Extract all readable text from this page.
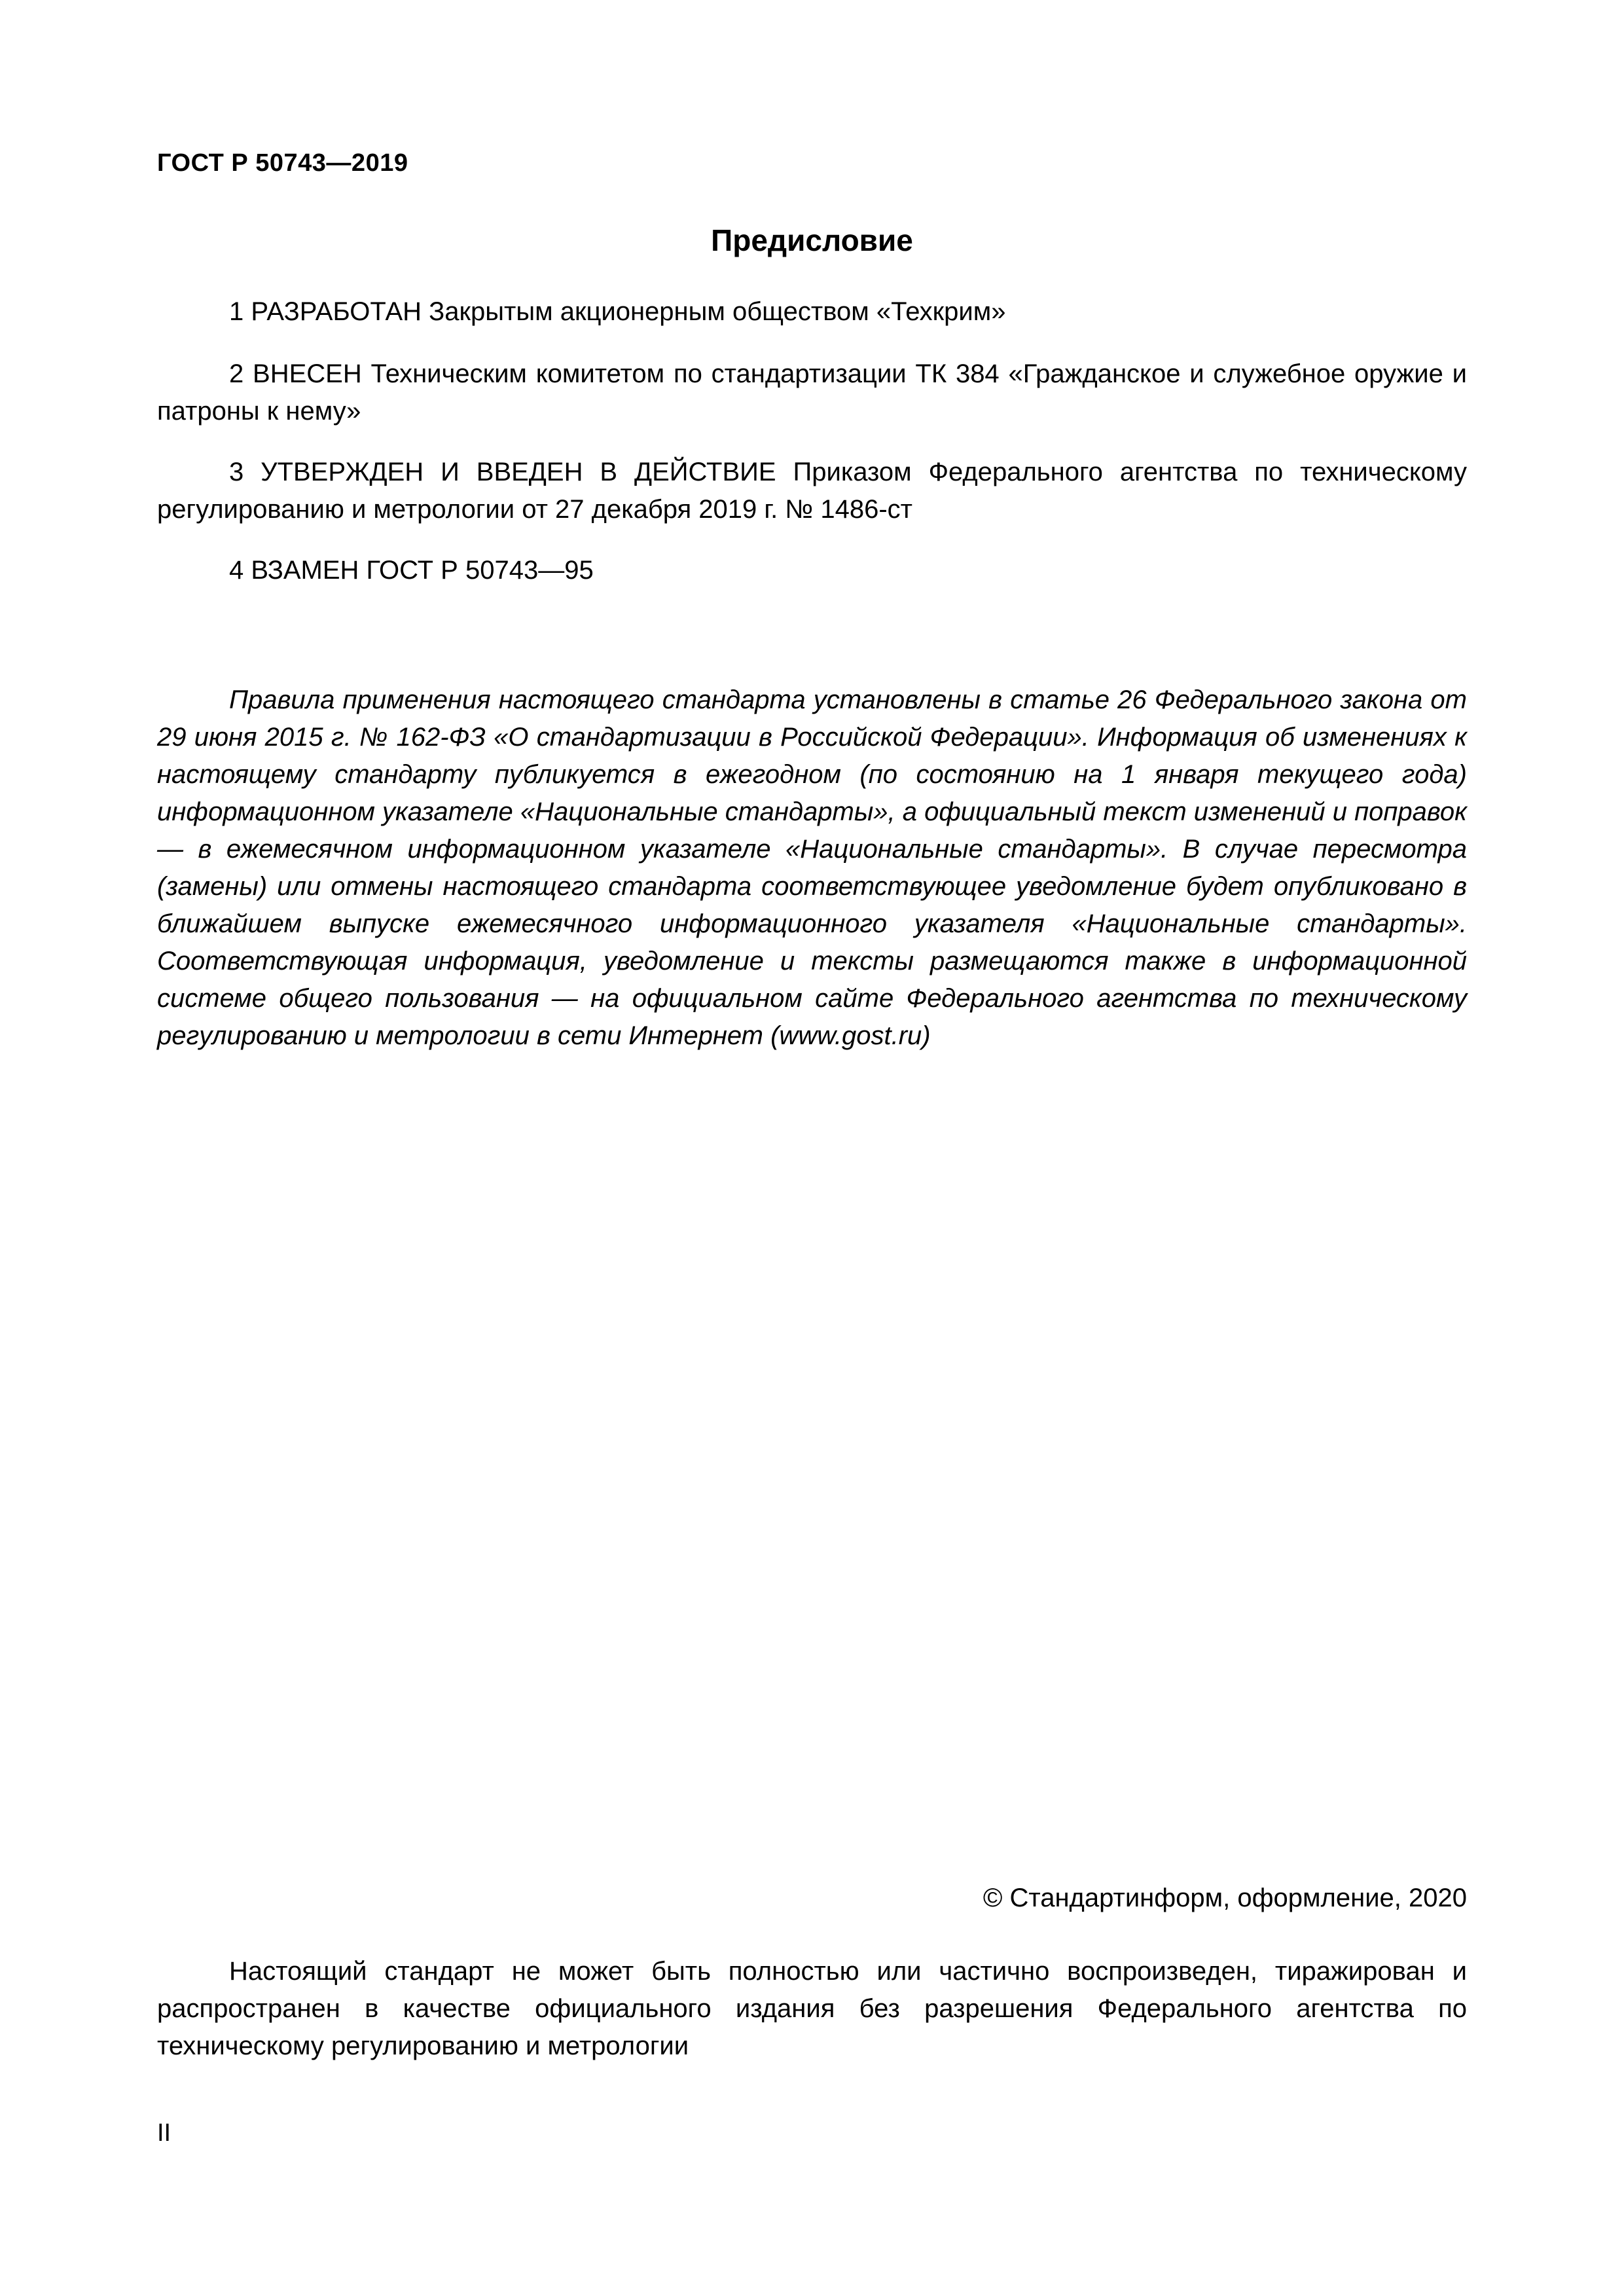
ГОСТ Р 50743—2019
Предисловие
1 РАЗРАБОТАН Закрытым акционерным обществом «Техкрим»
2 ВНЕСЕН Техническим комитетом по стандартизации ТК 384 «Гражданское и служебное оружие и патроны к нему»
3 УТВЕРЖДЕН И ВВЕДЕН В ДЕЙСТВИЕ Приказом Федерального агентства по техническому регулированию и метрологии от 27 декабря 2019 г. № 1486-ст
4 ВЗАМЕН ГОСТ Р 50743—95
Правила применения настоящего стандарта установлены в статье 26 Федерального закона от 29 июня 2015 г. № 162-ФЗ «О стандартизации в Российской Федерации». Информация об изменениях к настоящему стандарту публикуется в ежегодном (по состоянию на 1 января текущего года) информационном указателе «Национальные стандарты», а официальный текст изменений и поправок — в ежемесячном информационном указателе «Национальные стандарты». В случае пересмотра (замены) или отмены настоящего стандарта соответствующее уведомление будет опубликовано в ближайшем выпуске ежемесячного информационного указателя «Национальные стандарты». Соответствующая информация, уведомление и тексты размещаются также в информационной системе общего пользования — на официальном сайте Федерального агентства по техническому регулированию и метрологии в сети Интернет (www.gost.ru)
© Стандартинформ, оформление, 2020
Настоящий стандарт не может быть полностью или частично воспроизведен, тиражирован и распространен в качестве официального издания без разрешения Федерального агентства по техническому регулированию и метрологии
II
